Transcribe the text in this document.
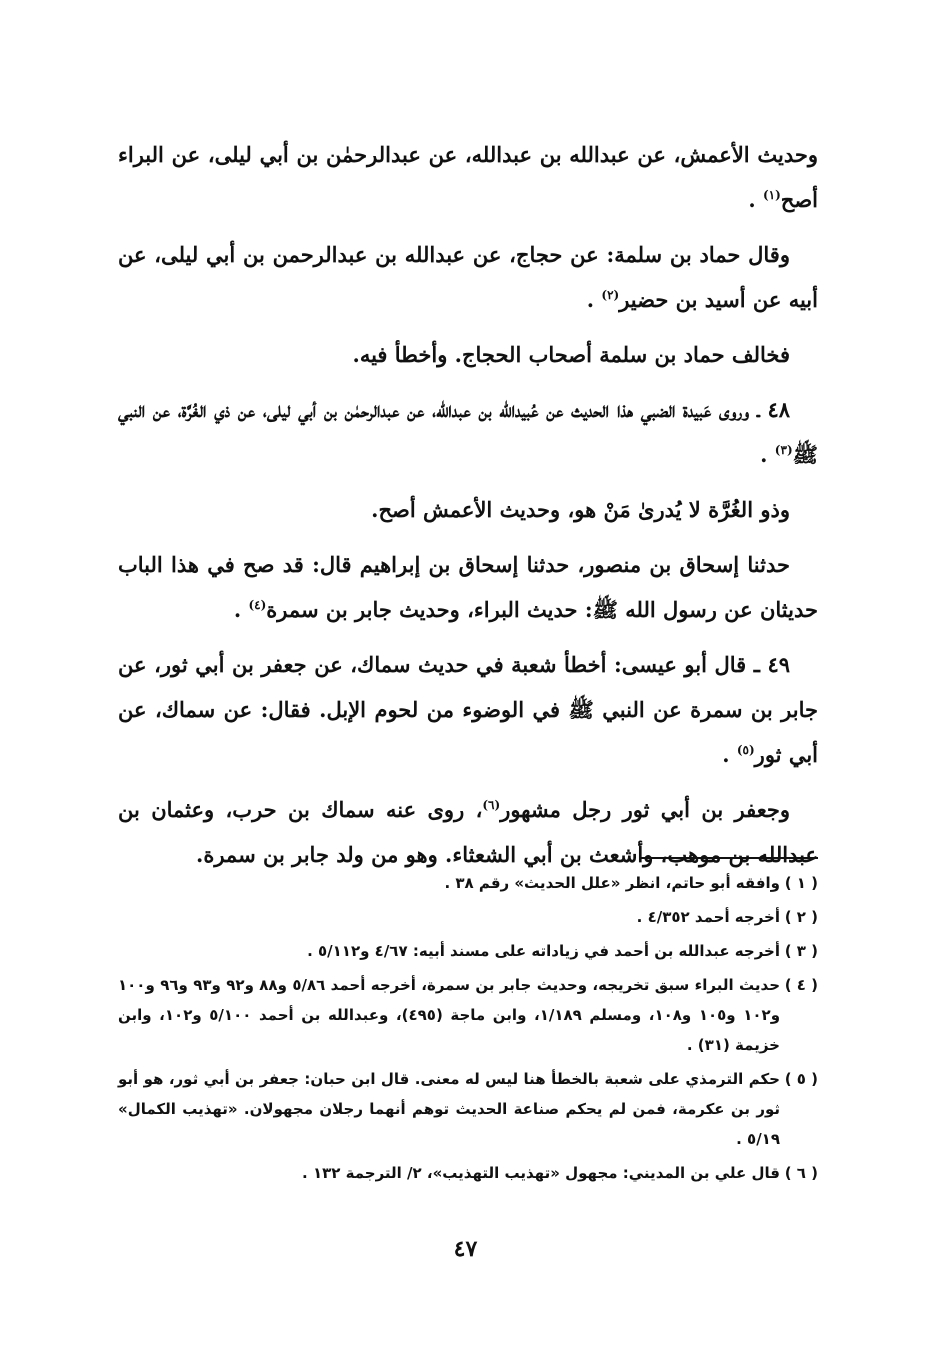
وحديث الأعمش، عن عبدالله بن عبدالله، عن عبدالرحمٰن بن أبي ليلى، عن البراء أصح$^{(١)}$ .

وقال حماد بن سلمة: عن حجاج، عن عبدالله بن عبدالرحمن بن أبي ليلى، عن أبيه عن أسيد بن حضير$^{(٢)}$ .

فخالف حماد بن سلمة أصحاب الحجاج. وأخطأ فيه.

٤٨ ـ وروى عَبيدة الضبي هذا الحديث عن عُبيدالله بن عبدالله، عن عبدالرحمٰن بن أبي ليلى، عن ذي الغُرَّة، عن النبي ﷺ$^{(٣)}$ .

وذو الغُرَّة لا يُدرىٰ مَنْ هو، وحديث الأعمش أصح.

حدثنا إسحاق بن منصور، حدثنا إسحاق بن إبراهيم قال: قد صح في هذا الباب حديثان عن رسول الله ﷺ: حديث البراء، وحديث جابر بن سمرة$^{(٤)}$ .

٤٩ ـ قال أبو عيسى: أخطأ شعبة في حديث سماك، عن جعفر بن أبي ثور، عن جابر بن سمرة عن النبي ﷺ في الوضوء من لحوم الإبل. فقال: عن سماك، عن أبي ثور$^{(٥)}$ .

وجعفر بن أبي ثور رجل مشهور$^{(٦)}$، روى عنه سماك بن حرب، وعثمان بن عبدالله بن موهب، وأشعث بن أبي الشعثاء. وهو من ولد جابر بن سمرة.

( ١ )
وافقه أبو حاتم، انظر «علل الحديث» رقم ٣٨ .
( ٢ )
أخرجه أحمد ٤/٣٥٢ .
( ٣ )
أخرجه عبدالله بن أحمد في زياداته على مسند أبيه: ٤/٦٧ و٥/١١٢ .
( ٤ )
حديث البراء سبق تخريجه، وحديث جابر بن سمرة، أخرجه أحمد ٥/٨٦ و٨٨ و٩٢ و٩٣ و٩٦ و١٠٠ و١٠٢ و١٠٥ و١٠٨، ومسلم ١/١٨٩، وابن ماجة (٤٩٥)، وعبدالله بن أحمد ٥/١٠٠ و١٠٢، وابن خزيمة (٣١) .
( ٥ )
حكم الترمذي على شعبة بالخطأ هنا ليس له معنى. قال ابن حبان: جعفر بن أبي ثور، هو أبو ثور بن عكرمة، فمن لم يحكم صناعة الحديث توهم أنهما رجلان مجهولان. «تهذيب الكمال» ٥/١٩ .
( ٦ )
قال علي بن المديني: مجهول «تهذيب التهذيب»، ٢/ الترجمة ١٣٢ .
٤٧
